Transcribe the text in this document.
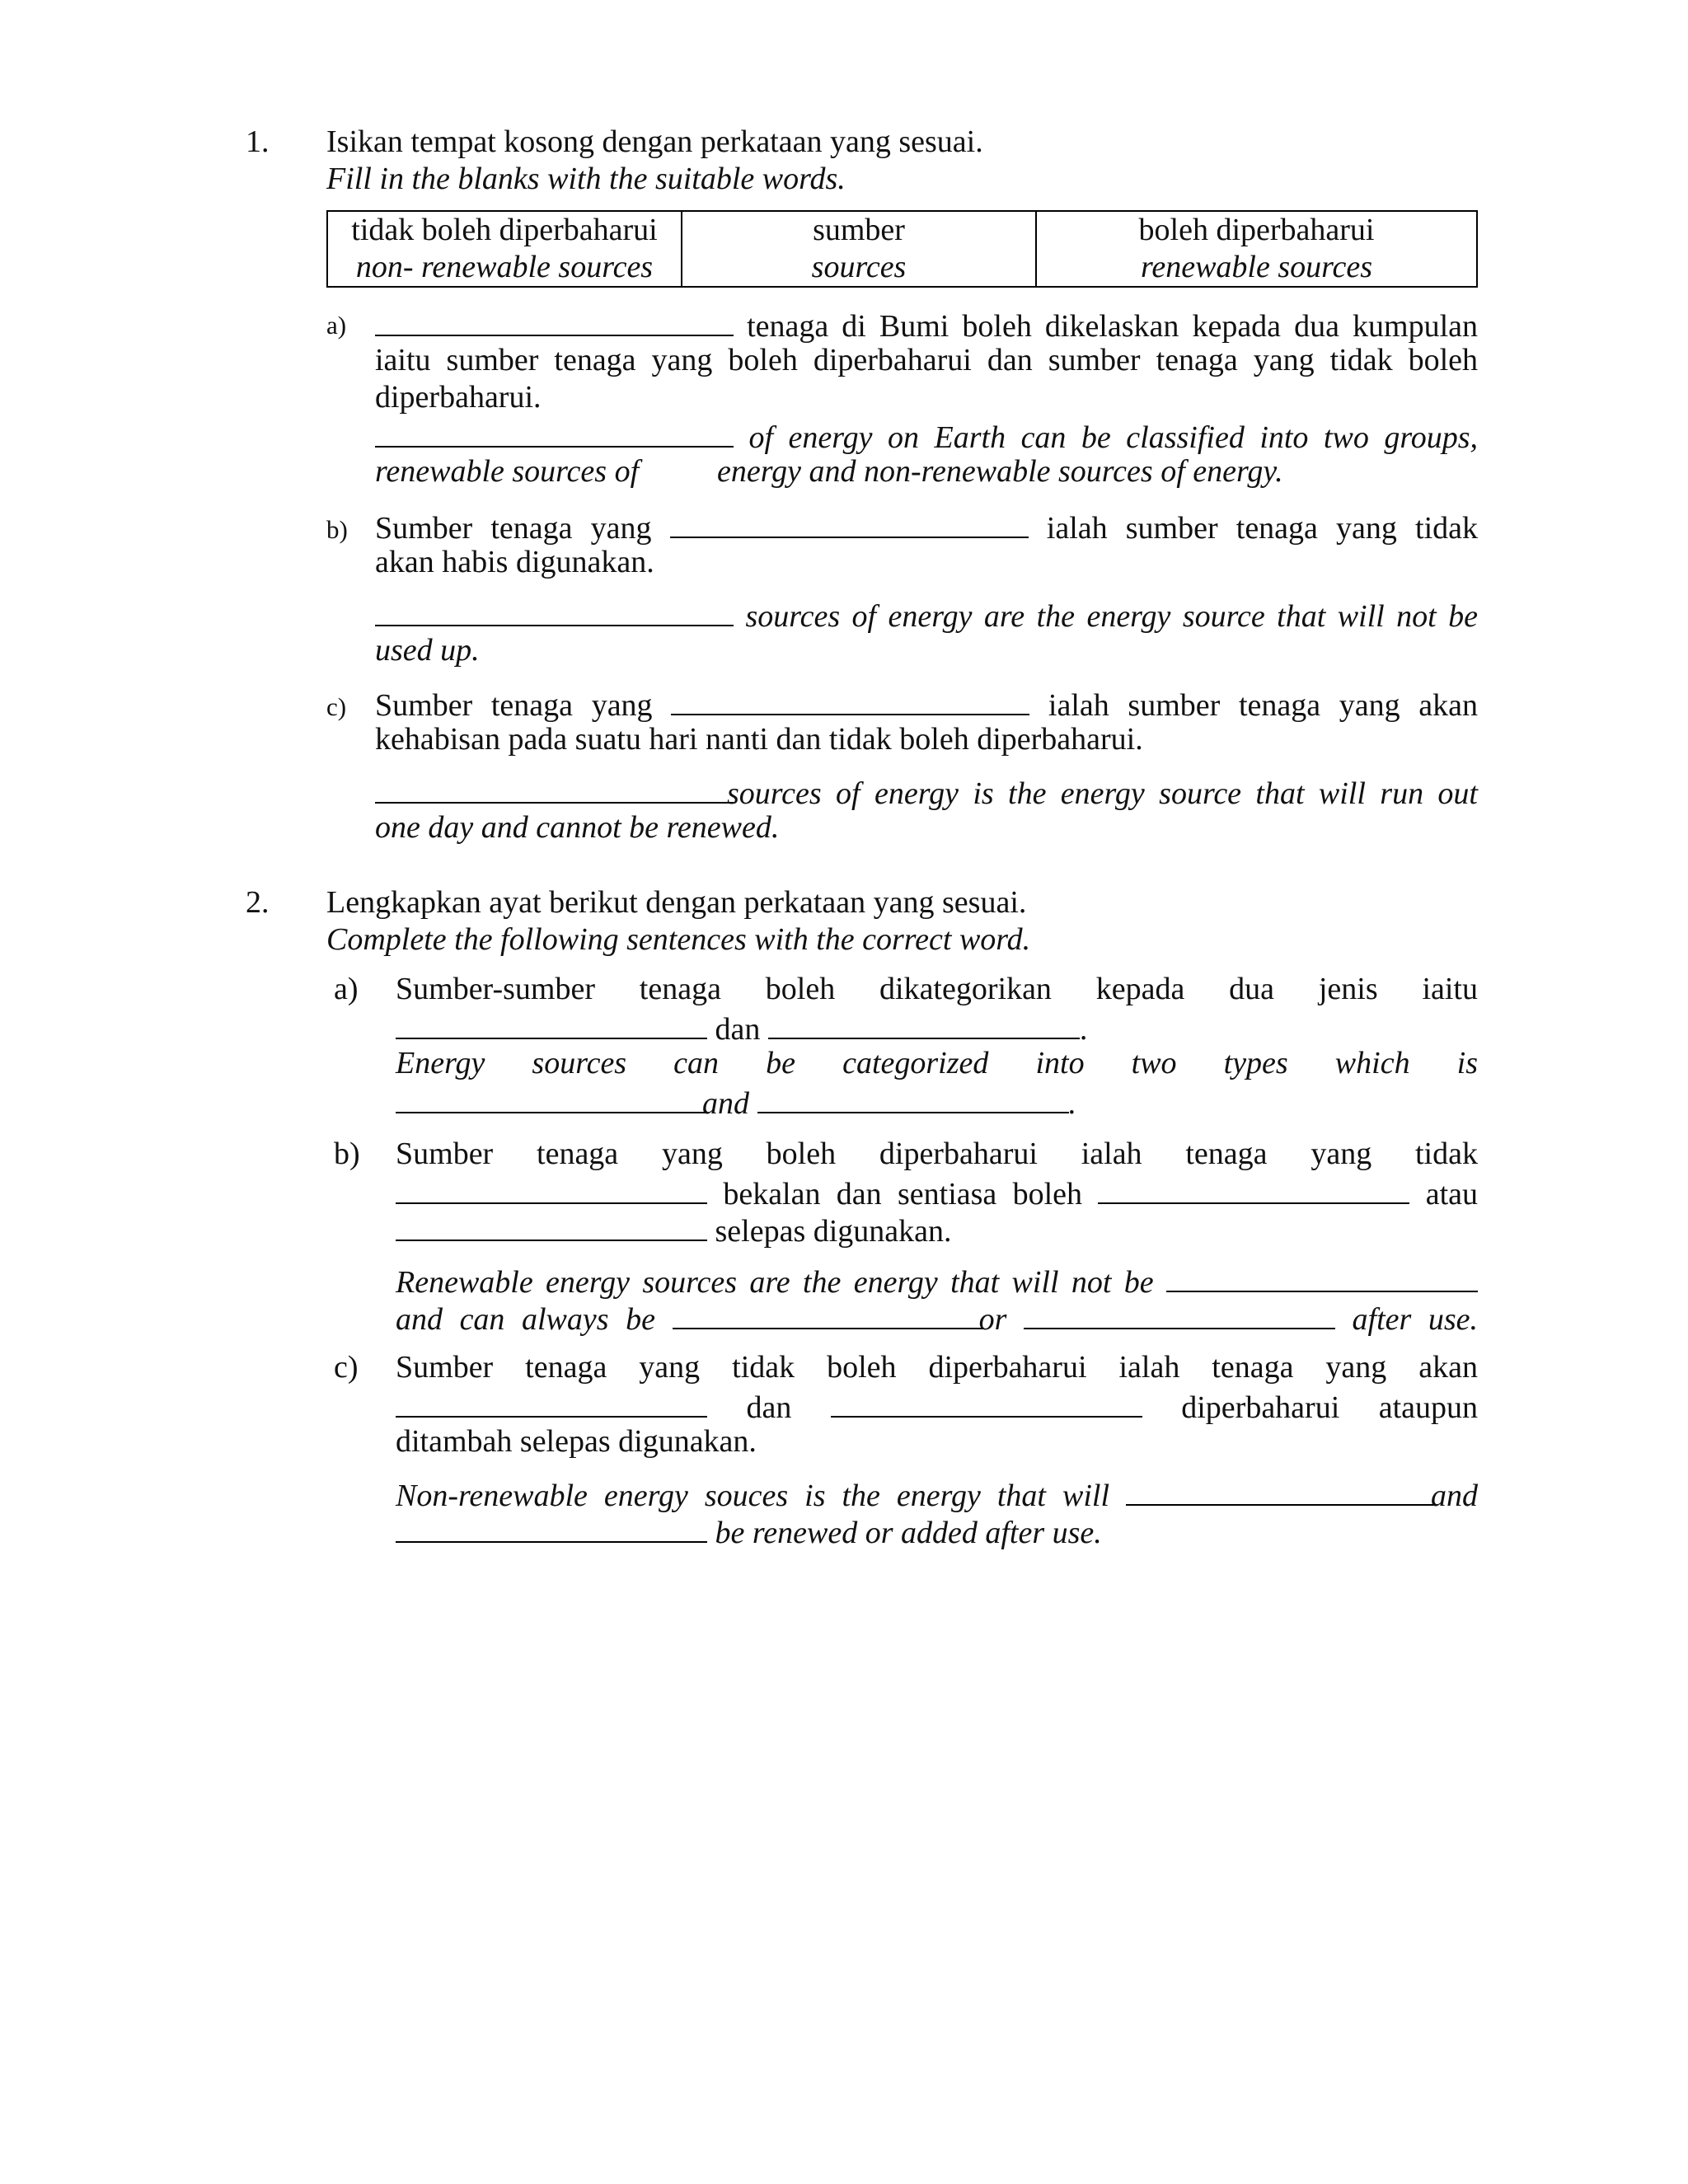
1. Isikan tempat kosong dengan perkataan yang sesuai.
Fill in the blanks with the suitable words.
tidak boleh diperbaharui
non- renewable sources

sumber
sources

boleh diperbaharui
renewable sources
a)	tenaga di Bumi boleh dikelaskan kepada dua kumpulan
iaitu sumber tenaga yang boleh diperbaharui dan sumber tenaga yang tidak boleh
diperbaharui.
of energy on Earth can be classified into two groups,
renewable sources of energy and non-renewable sources of energy.
b) Sumber tenaga yang	ialah sumber tenaga yang tidak
akan habis digunakan.
sources of energy are the energy source that will not be
used up.
c) Sumber tenaga yang	ialah sumber tenaga yang akan
kehabisan pada suatu hari nanti dan tidak boleh diperbaharui.
sources of energy is the energy source that will run out
one day and cannot be renewed.
2. Lengkapkan ayat berikut dengan perkataan yang sesuai.
Complete the following sentences with the correct word.
a) Sumber-sumber tenaga boleh dikategorikan kepada dua jenis iaitu
dan	.
Energy sources can be categorized into two types which is
and	.
b) Sumber tenaga yang boleh diperbaharui ialah tenaga yang tidak
bekalan dan sentiasa boleh	atau
selepas digunakan.
Renewable energy sources are the energy that will not be
and can always be	or	after use.
c) Sumber tenaga yang tidak boleh diperbaharui ialah tenaga yang akan
dan	diperbaharui ataupun
ditambah selepas digunakan.
Non-renewable energy souces is the energy that will	and
be renewed or added after use.
